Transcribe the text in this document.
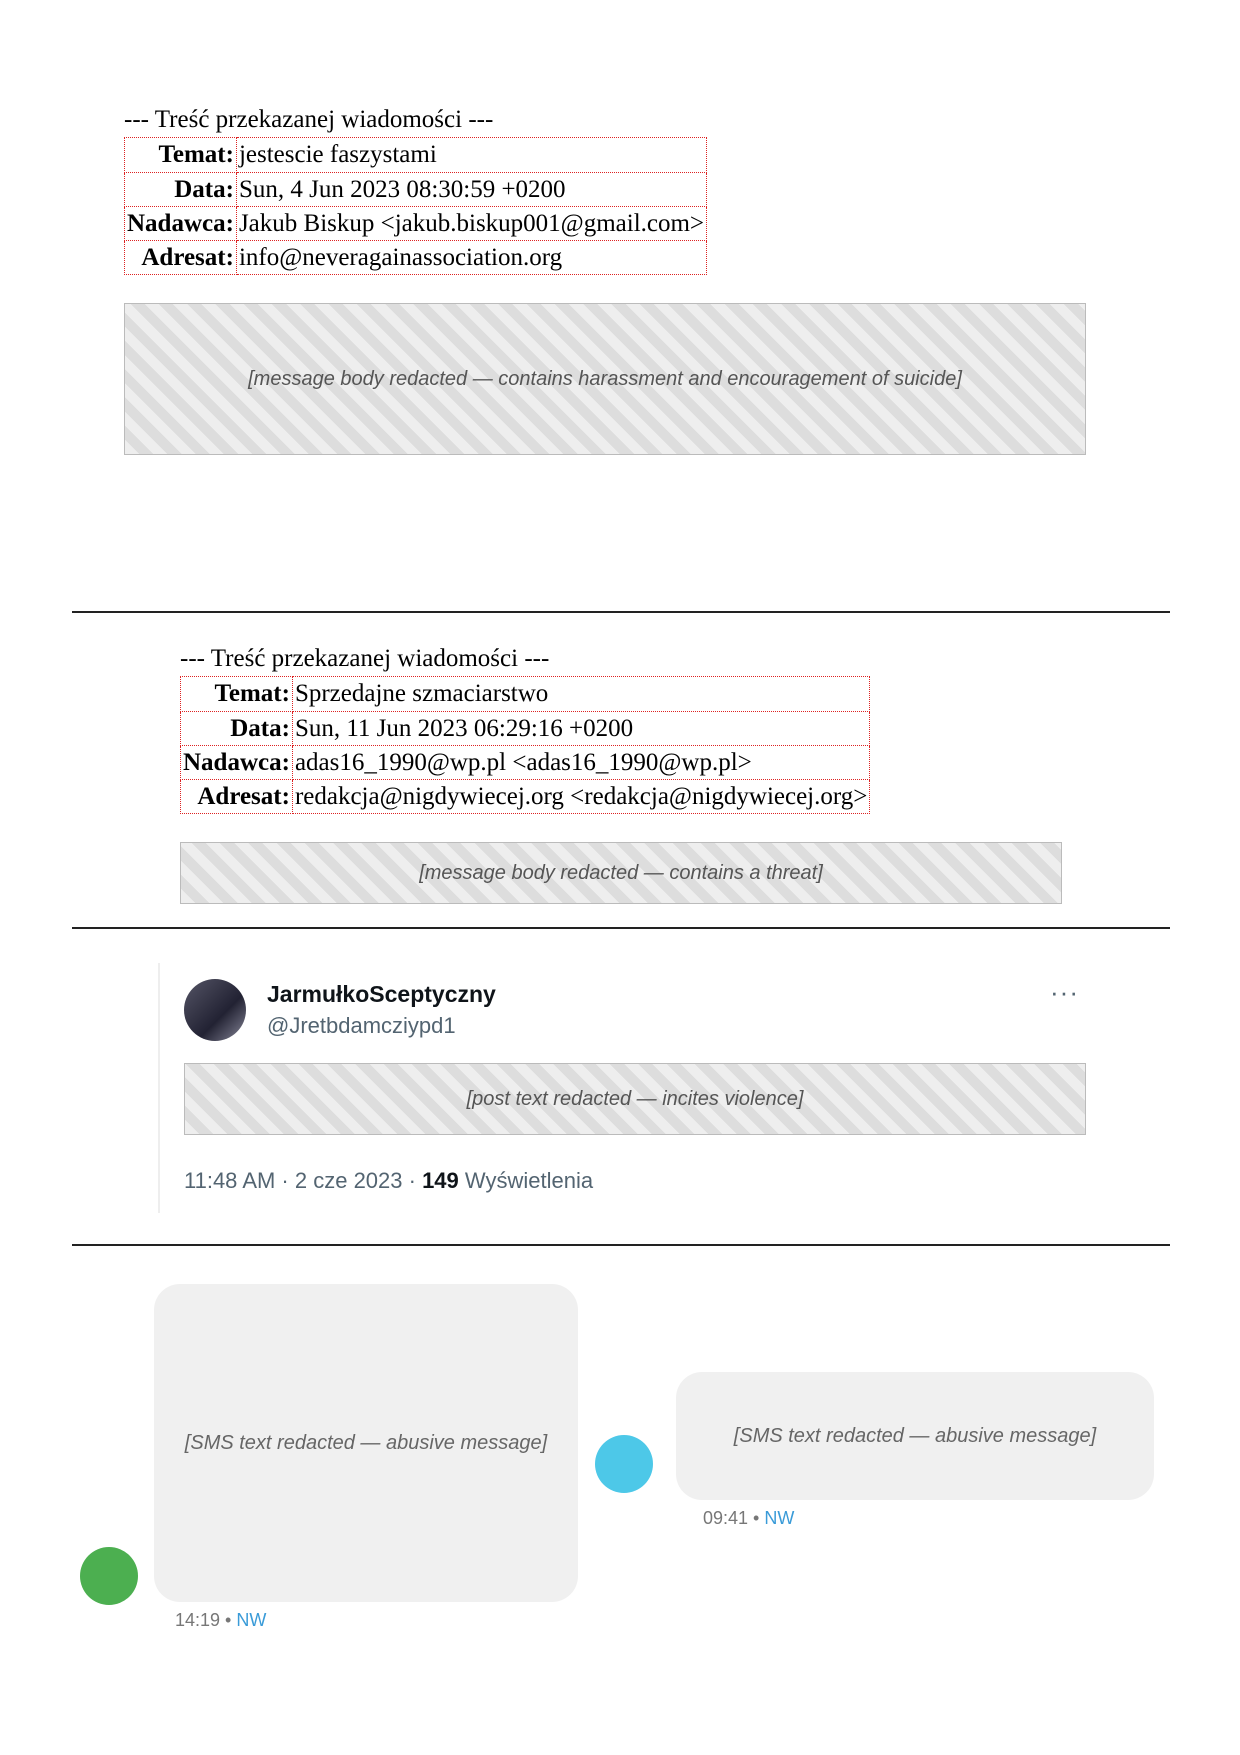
--- Treść przekazanej wiadomości ---
Temat:	jestescie faszystami
Data:	Sun, 4 Jun 2023 08:30:59 +0200
Nadawca:	Jakub Biskup <jakub.biskup001@gmail.com>
Adresat:	info@neveragainassociation.org
[message body redacted — contains harassment and encouragement of suicide]
--- Treść przekazanej wiadomości ---
Temat:	Sprzedajne szmaciarstwo
Data:	Sun, 11 Jun 2023 06:29:16 +0200
Nadawca:	adas16_1990@wp.pl <adas16_1990@wp.pl>
Adresat:	redakcja@nigdywiecej.org <redakcja@nigdywiecej.org>
[message body redacted — contains a threat]
JarmułkoSceptyczny
@Jretbdamcziypd1
···
[post text redacted — incites violence]
11:48 AM · 2 cze 2023 · 149 Wyświetlenia
[SMS text redacted — abusive message]
14:19 • NW
[SMS text redacted — abusive message]
09:41 • NW
